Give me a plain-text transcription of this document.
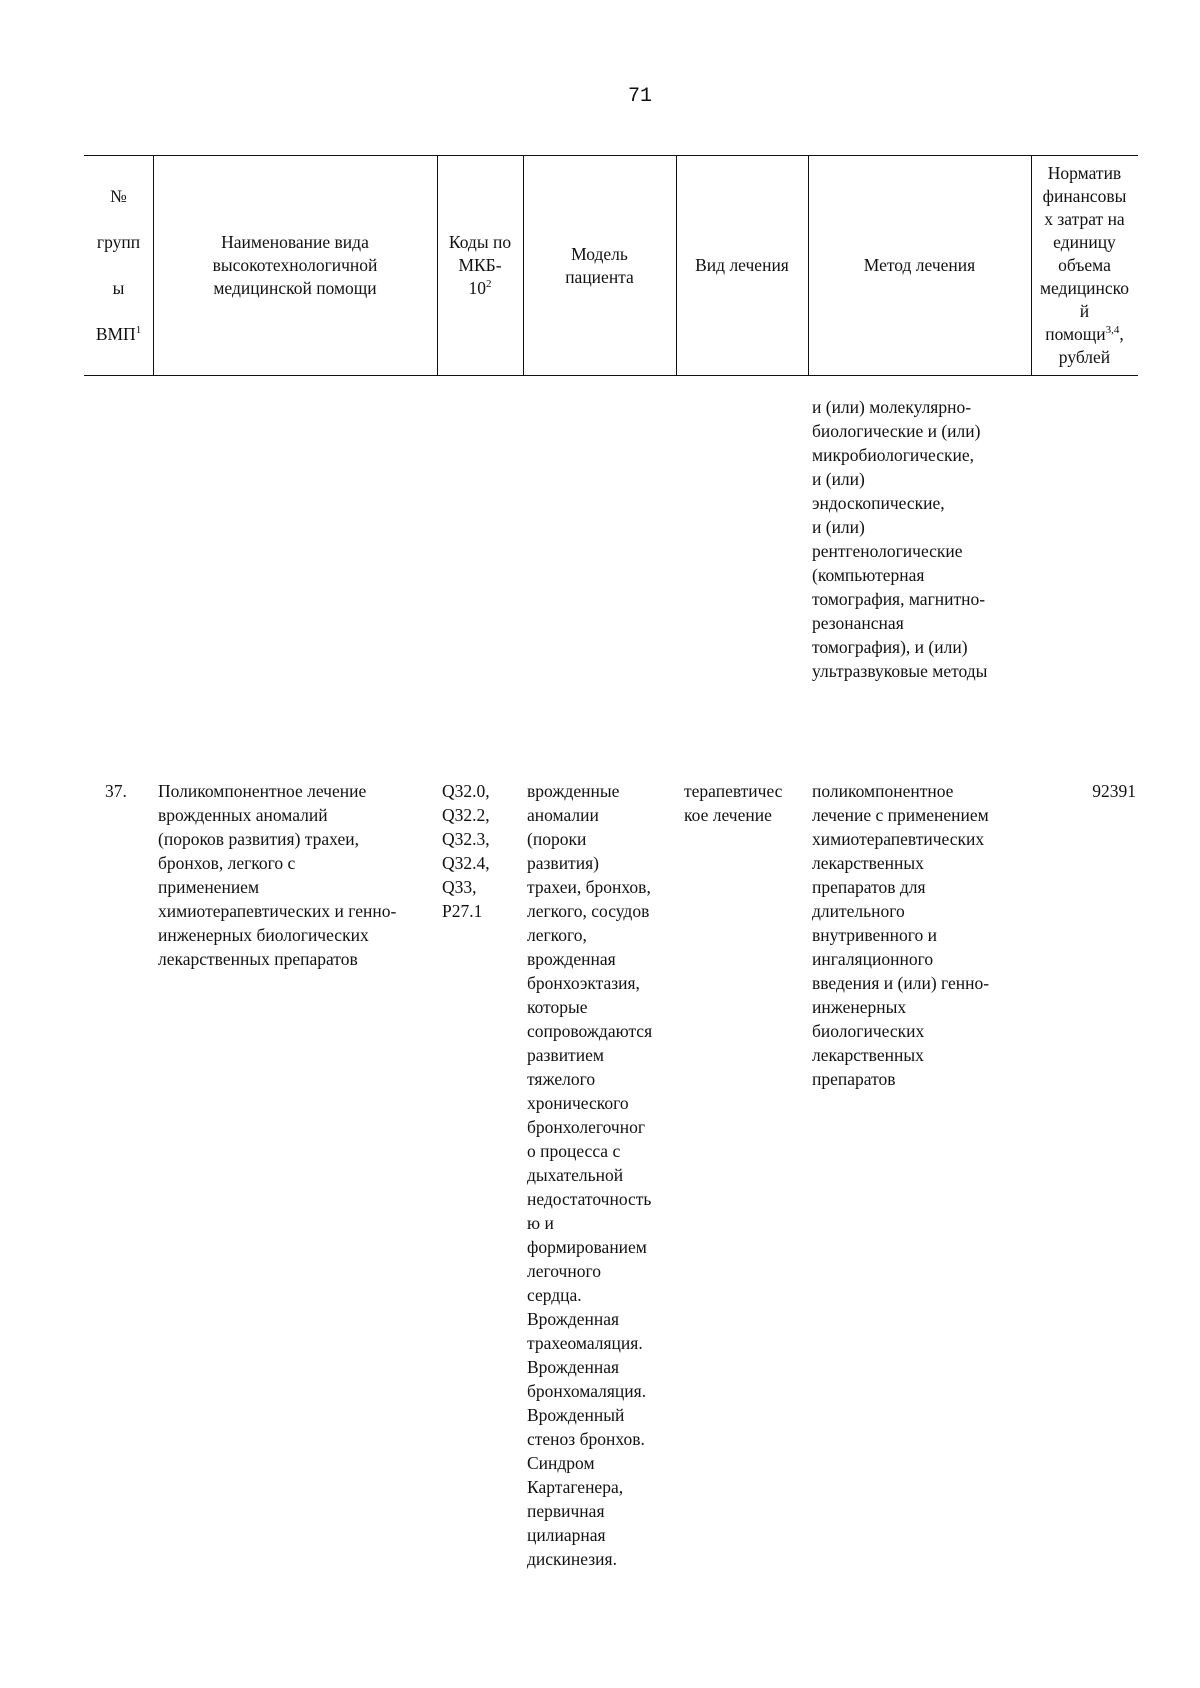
71

№

групп

ы

ВМП$^1$

Наименование вида
высокотехнологичной
медицинской помощи
Коды по
МКБ-
$10^2$
Модель
пациента
Вид лечения	Метод лечения
Норматив
финансовы
х затрат на
единицу
объема
медицинско
й
помощи$^{3,4}$,
рублей
и (или) молекулярно-
биологические и (или)
микробиологические,
и (или)
эндоскопические,
и (или)
рентгенологические
(компьютерная
томография, магнитно-
резонансная
томография), и (или)
ультразвуковые методы
37.	Поликомпонентное лечение
врожденных аномалий
(пороков развития) трахеи,
бронхов, легкого с
применением
химиотерапевтических и генно-
инженерных биологических
лекарственных препаратов
Q32.0,
Q32.2,
Q32.3,
Q32.4,
Q33,
P27.1
врожденные
аномалии
(пороки
развития)
трахеи, бронхов,
легкого, сосудов
легкого,
врожденная
бронхоэктазия,
которые
сопровождаются
развитием
тяжелого
хронического
бронхолегочног
о процесса с
дыхательной
недостаточность
ю и
формированием
легочного
сердца.
Врожденная
трахеомаляция.
Врожденная
бронхомаляция.
Врожденный
стеноз бронхов.
Синдром
Картагенера,
первичная
цилиарная
дискинезия.
терапевтичес
кое лечение
поликомпонентное
лечение с применением
химиотерапевтических
лекарственных
препаратов для
длительного
внутривенного и
ингаляционного
введения и (или) генно-
инженерных
биологических
лекарственных
препаратов
92391
